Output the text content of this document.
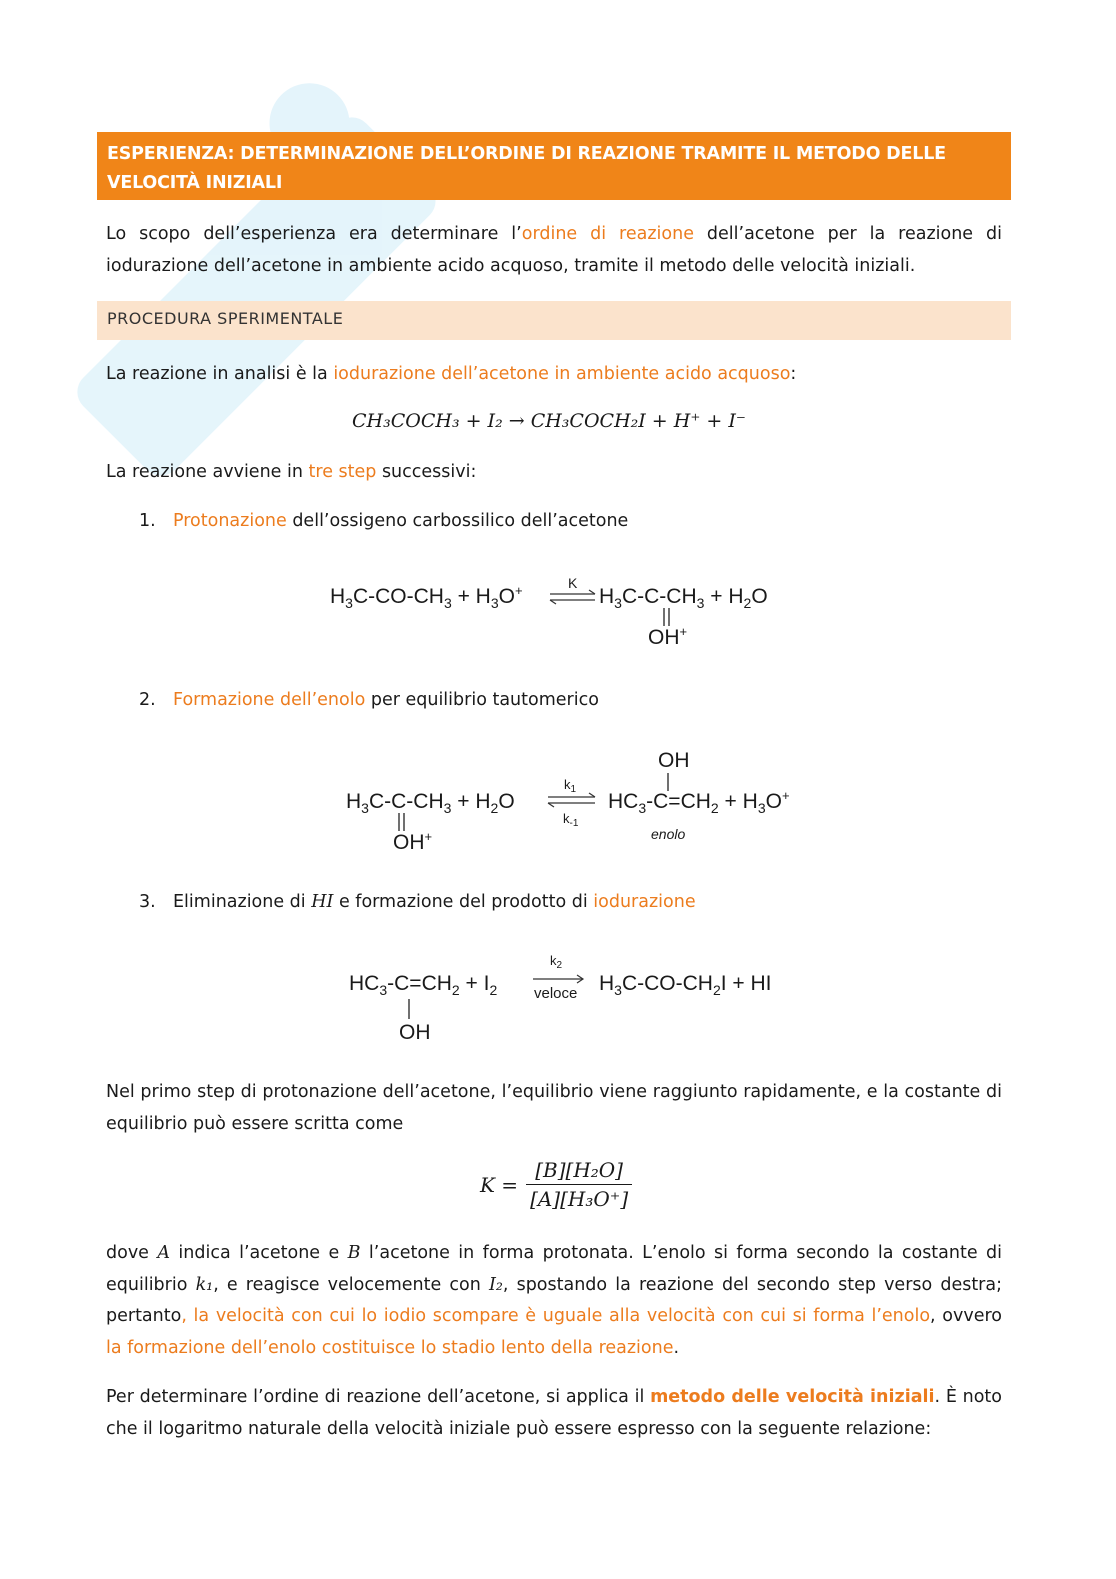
ESPERIENZA: DETERMINAZIONE DELL’ORDINE DI REAZIONE TRAMITE IL METODO DELLE
VELOCITÀ INIZIALI
Lo scopo dell’esperienza era determinare l’ordine di reazione dell’acetone per la reazione di iodurazione dell’acetone in ambiente acido acquoso, tramite il metodo delle velocità iniziali.
PROCEDURA SPERIMENTALE
La reazione in analisi è la iodurazione dell’acetone in ambiente acido acquoso:
CH₃COCH₃ + I₂ → CH₃COCH₂I + H⁺ + I⁻
La reazione avviene in tre step successivi:
1. Protonazione dell’ossigeno carbossilico dell’acetone
$H_3C-CO-CH_3 + H_3O^+$	K
$H_3C-C-CH_3 + H_2O$
OH+
2. Formazione dell’enolo per equilibrio tautomerico
$H_3C-C-CH_3 + H_2O$
OH+
$k_1$
$k_{-1}$
OH
$HC_3-C=CH_2 + H_3O^+$
enolo
3. Eliminazione di HI e formazione del prodotto di iodurazione
$HC_3-C=CH_2 + I_2$
OH
$k_2$
veloce $H_3C-CO-CH_2I$ + HI
Nel primo step di protonazione dell’acetone, l’equilibrio viene raggiunto rapidamente, e la costante di equilibrio può essere scritta come
K =
[B][H₂O]
[A][H₃O⁺]
dove A indica l’acetone e B l’acetone in forma protonata. L’enolo si forma secondo la costante di equilibrio k₁, e reagisce velocemente con I₂, spostando la reazione del secondo step verso destra; pertanto, la velocità con cui lo iodio scompare è uguale alla velocità con cui si forma l’enolo, ovvero la formazione dell’enolo costituisce lo stadio lento della reazione.
Per determinare l’ordine di reazione dell’acetone, si applica il metodo delle velocità iniziali. È noto che il logaritmo naturale della velocità iniziale può essere espresso con la seguente relazione:
